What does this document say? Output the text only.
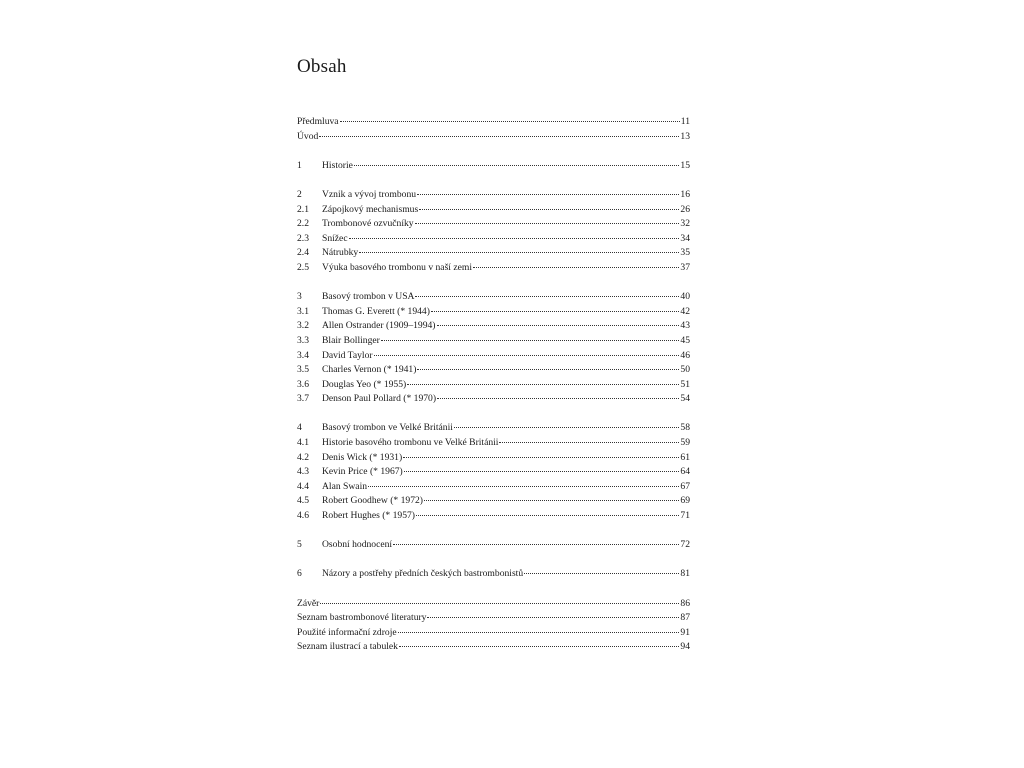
Obsah
Předmluva	11
Úvod	13
1	Historie	15
2	Vznik a vývoj trombonu	16
2.1	Zápojkový mechanismus	26
2.2	Trombonové ozvučníky	32
2.3	Snížec	34
2.4	Nátrubky	35
2.5	Výuka basového trombonu v naší zemi	37
3	Basový trombon v USA	40
3.1	Thomas G. Everett (* 1944)	42
3.2	Allen Ostrander (1909–1994)	43
3.3	Blair Bollinger	45
3.4	David Taylor	46
3.5	Charles Vernon (* 1941)	50
3.6	Douglas Yeo (* 1955)	51
3.7	Denson Paul Pollard (* 1970)	54
4	Basový trombon ve Velké Británii	58
4.1	Historie basového trombonu ve Velké Británii	59
4.2	Denis Wick (* 1931)	61
4.3	Kevin Price (* 1967)	64
4.4	Alan Swain	67
4.5	Robert Goodhew (* 1972)	69
4.6	Robert Hughes (* 1957)	71
5	Osobní hodnocení	72
6	Názory a postřehy předních českých bastrombonistů	81
Závěr	86
Seznam bastrombonové literatury	87
Použité informační zdroje	91
Seznam ilustrací a tabulek	94
